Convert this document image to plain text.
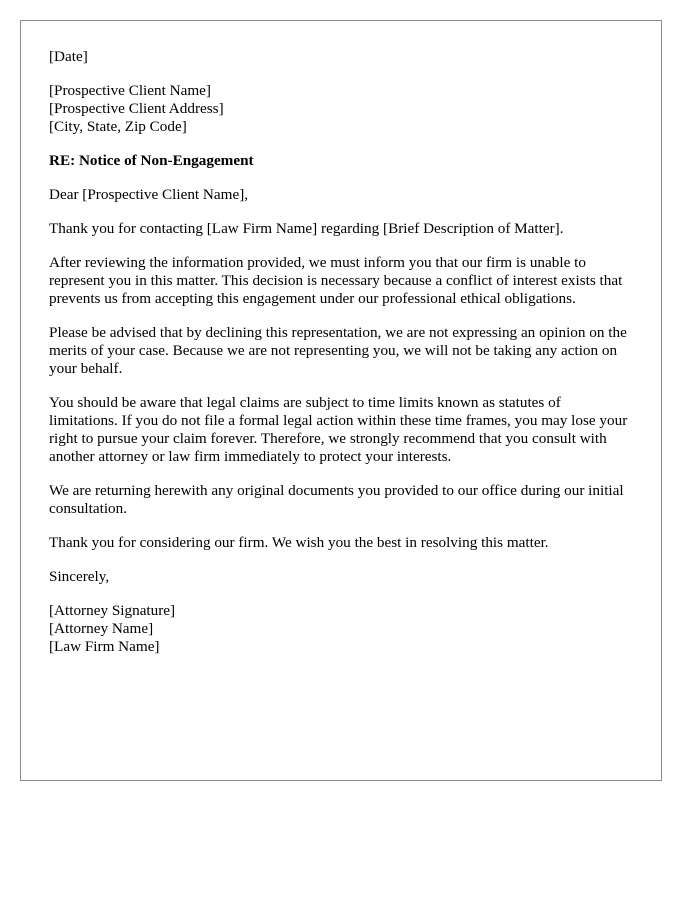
[Date]
[Prospective Client Name]
[Prospective Client Address]
[City, State, Zip Code]
RE: Notice of Non-Engagement
Dear [Prospective Client Name],

Thank you for contacting [Law Firm Name] regarding [Brief Description of Matter].

After reviewing the information provided, we must inform you that our firm is unable to represent you in this matter. This decision is necessary because a conflict of interest exists that prevents us from accepting this engagement under our professional ethical obligations.

Please be advised that by declining this representation, we are not expressing an opinion on the merits of your case. Because we are not representing you, we will not be taking any action on your behalf.

You should be aware that legal claims are subject to time limits known as statutes of limitations. If you do not file a formal legal action within these time frames, you may lose your right to pursue your claim forever. Therefore, we strongly recommend that you consult with another attorney or law firm immediately to protect your interests.

We are returning herewith any original documents you provided to our office during our initial consultation.

Thank you for considering our firm. We wish you the best in resolving this matter.

Sincerely,
[Attorney Signature]
[Attorney Name]
[Law Firm Name]
